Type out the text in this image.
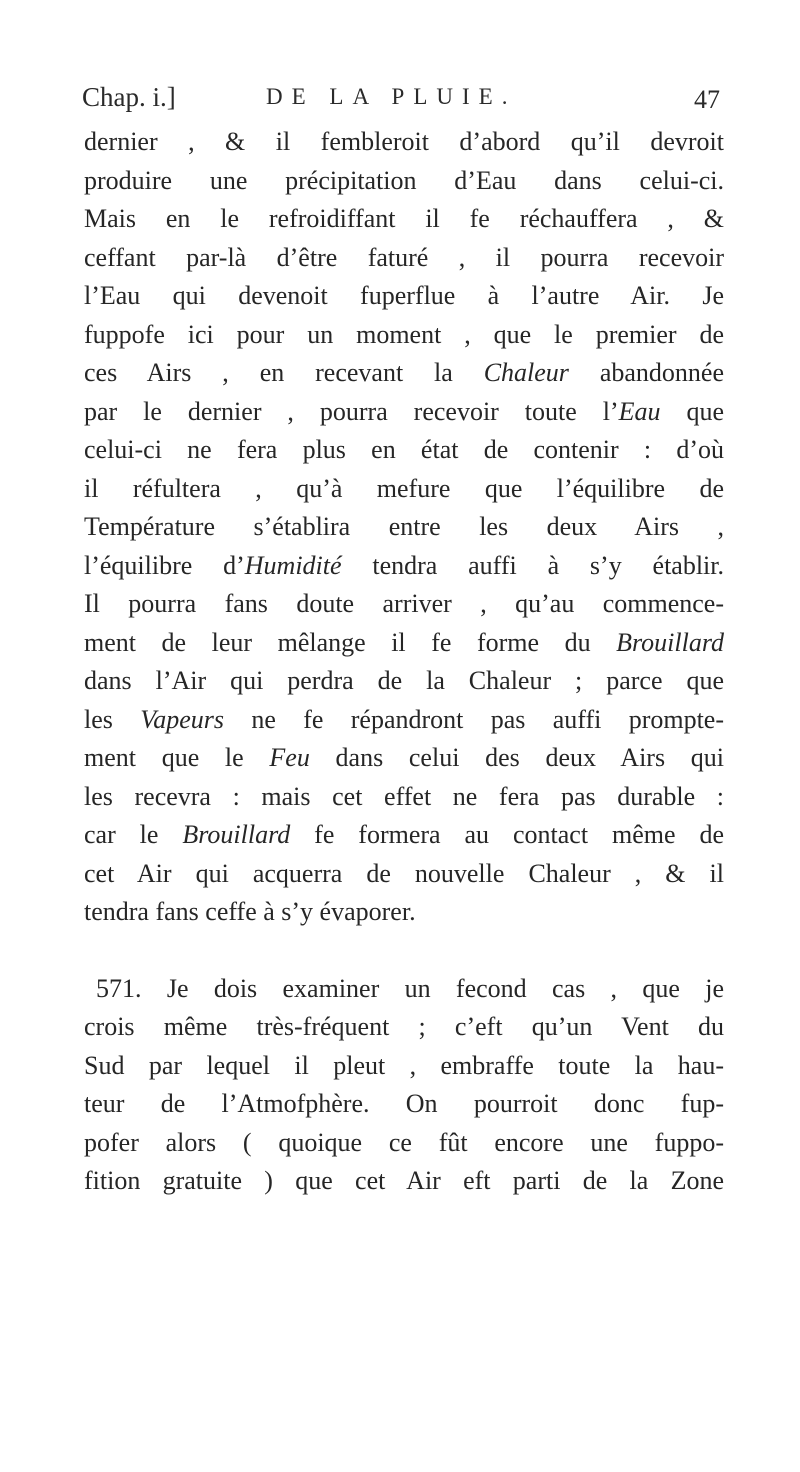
Chap. i.]	DE LA PLUIE.	47
dernier , & il fembleroit d’abord qu’il devroit
produire une précipitation d’Eau dans celui-ci.
Mais en le refroidiffant il fe réchauffera , &
ceffant par-là d’être faturé , il pourra recevoir
l’Eau qui devenoit fuperflue à l’autre Air. Je
fuppofe ici pour un moment , que le premier de
ces Airs , en recevant la Chaleur abandonnée
par le dernier , pourra recevoir toute l’Eau que
celui-ci ne fera plus en état de contenir : d’où
il réfultera , qu’à mefure que l’équilibre de
Température s’établira entre les deux Airs ,
l’équilibre d’Humidité tendra auffi à s’y établir.
Il pourra fans doute arriver , qu’au commence-
ment de leur mêlange il fe forme du Brouillard
dans l’Air qui perdra de la Chaleur ; parce que
les Vapeurs ne fe répandront pas auffi prompte-
ment que le Feu dans celui des deux Airs qui
les recevra : mais cet effet ne fera pas durable :
car le Brouillard fe formera au contact même de
cet Air qui acquerra de nouvelle Chaleur , & il
tendra fans ceffe à s’y évaporer.
571. Je dois examiner un fecond cas , que je
crois même très-fréquent ; c’eft qu’un Vent du
Sud par lequel il pleut , embraffe toute la hau-
teur de l’Atmofphère. On pourroit donc fup-
pofer alors ( quoique ce fût encore une fuppo-
fition gratuite ) que cet Air eft parti de la Zone
